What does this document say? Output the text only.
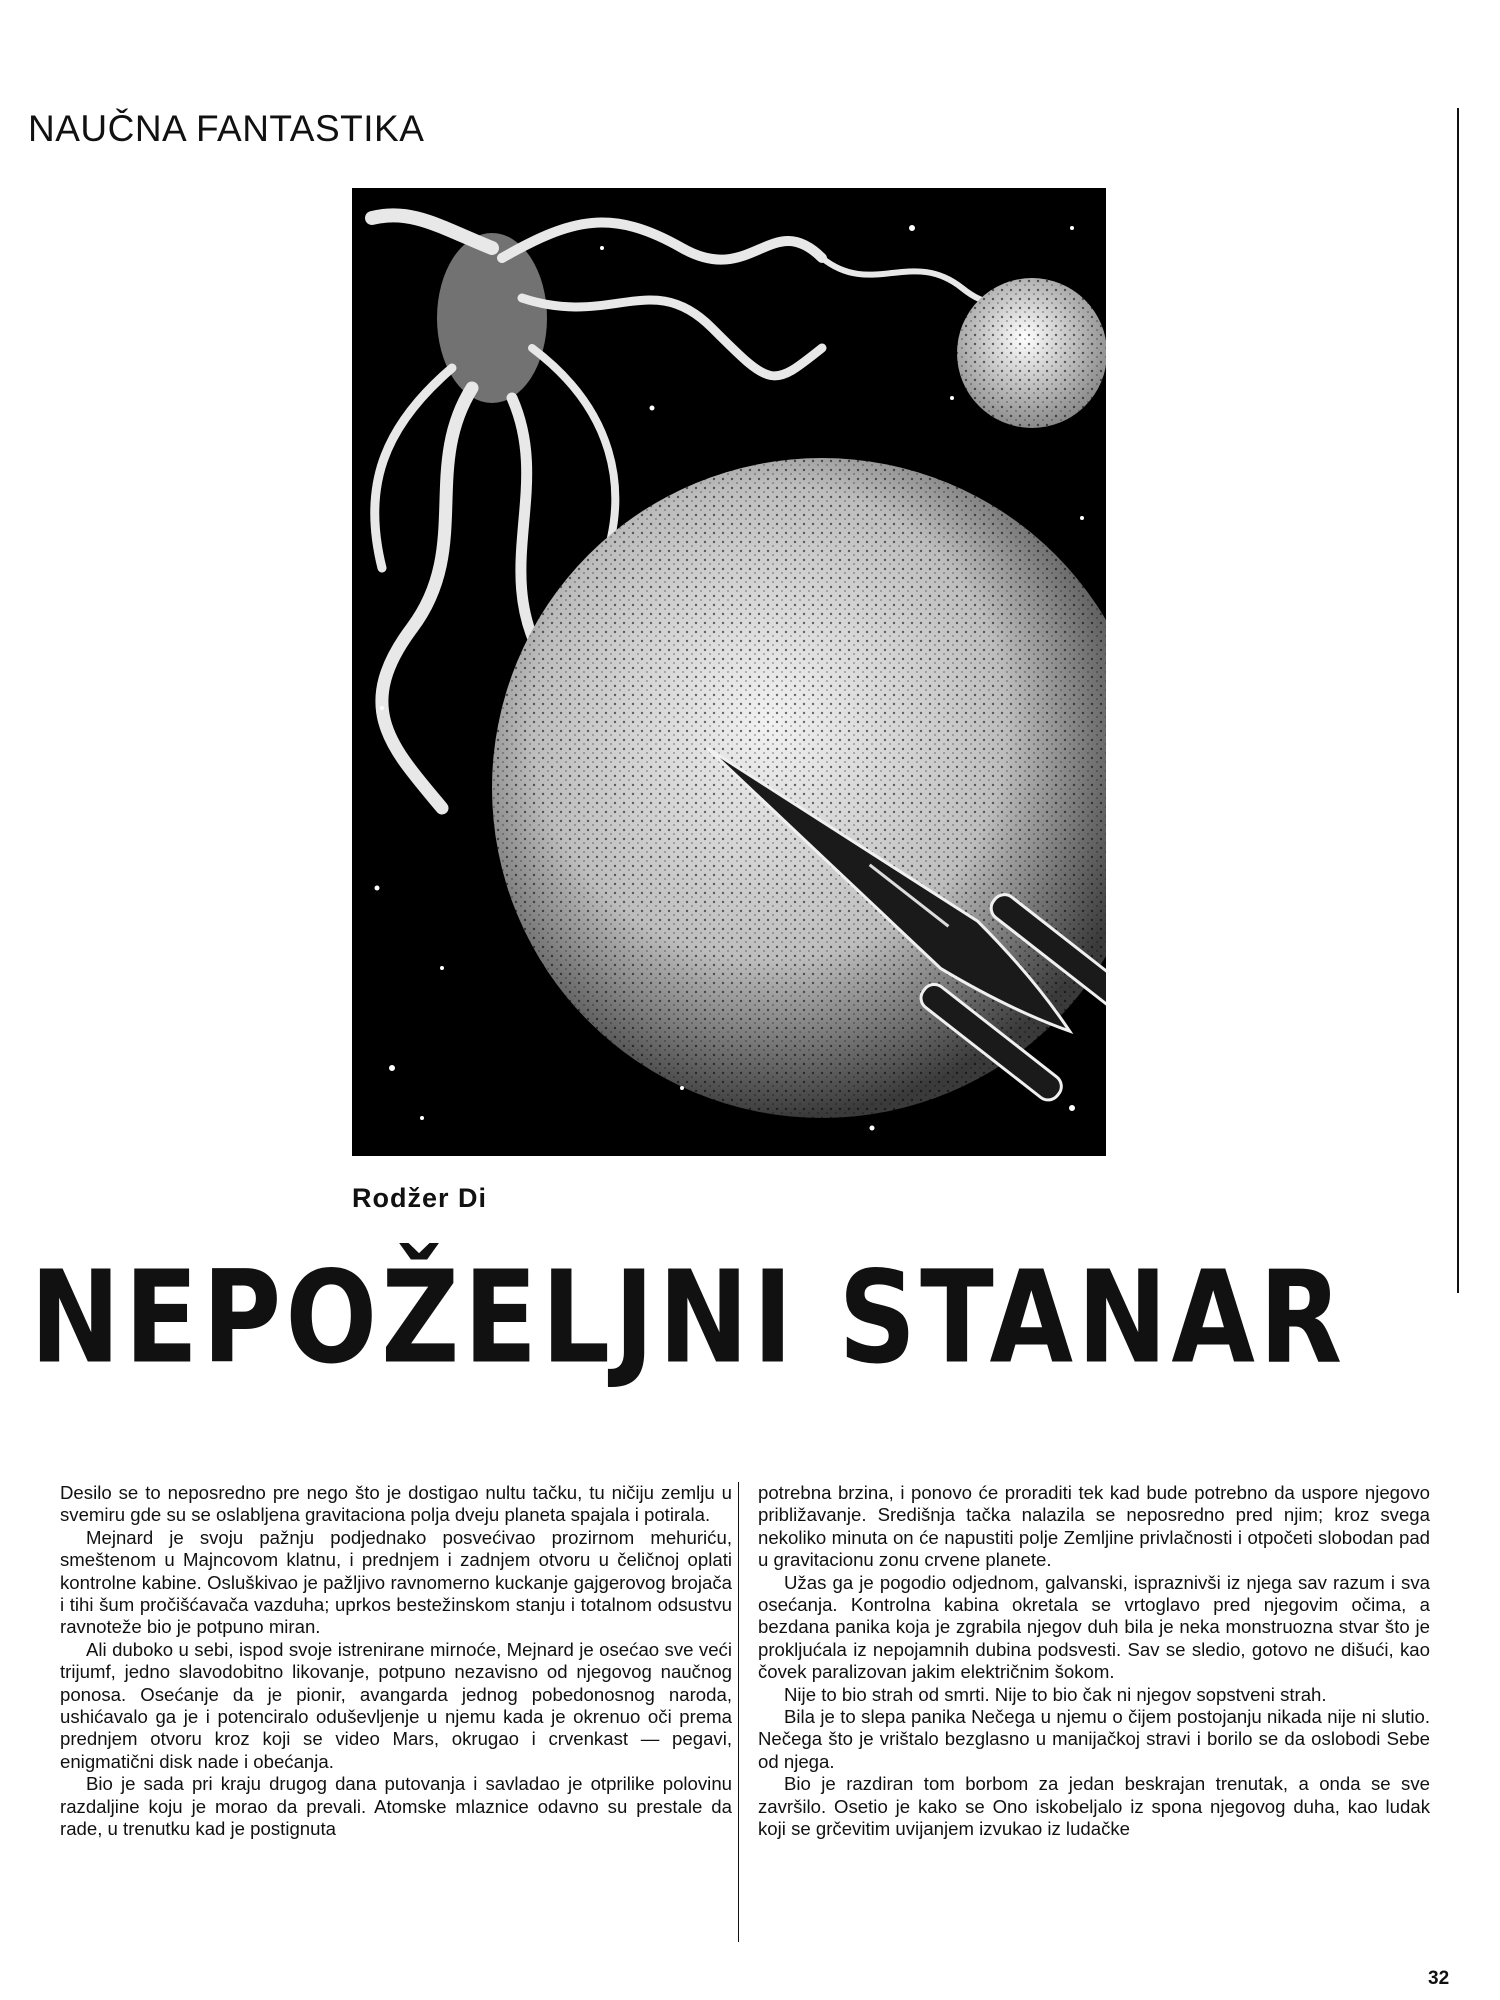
NAUČNA FANTASTIKA
Rodžer Di
NEPOŽELJNI STANAR

Desilo se to neposredno pre nego što je dostigao nultu tačku, tu ničiju zemlju u svemiru gde su se oslabljena gravitaciona polja dveju planeta spajala i potirala.

Mejnard je svoju pažnju podjednako posvećivao prozirnom mehuriću, smeštenom u Majncovom klatnu, i prednjem i zadnjem otvoru u čeličnoj oplati kontrolne kabine. Osluškivao je pažljivo ravnomerno kuckanje gajgerovog brojača i tihi šum pročišćavača vazduha; uprkos bestežinskom stanju i totalnom odsustvu ravnoteže bio je potpuno miran.

Ali duboko u sebi, ispod svoje istrenirane mirnoće, Mejnard je osećao sve veći trijumf, jedno slavodobitno likovanje, potpuno nezavisno od njegovog naučnog ponosa. Osećanje da je pionir, avangarda jednog pobedonosnog naroda, ushićavalo ga je i potenciralo oduševljenje u njemu kada je okrenuo oči prema prednjem otvoru kroz koji se video Mars, okrugao i crvenkast — pegavi, enigmatični disk nade i obećanja.

Bio je sada pri kraju drugog dana putovanja i savladao je otprilike polovinu razdaljine koju je morao da prevali. Atomske mlaznice odavno su prestale da rade, u trenutku kad je postignuta

potrebna brzina, i ponovo će proraditi tek kad bude potrebno da uspore njegovo približavanje. Središnja tačka nalazila se neposredno pred njim; kroz svega nekoliko minuta on će napustiti polje Zemljine privlačnosti i otpočeti slobodan pad u gravitacionu zonu crvene planete.

Užas ga je pogodio odjednom, galvanski, ispraznivši iz njega sav razum i sva osećanja. Kontrolna kabina okretala se vrtoglavo pred njegovim očima, a bezdana panika koja je zgrabila njegov duh bila je neka monstruozna stvar što je prokljućala iz nepojamnih dubina podsvesti. Sav se sledio, gotovo ne dišući, kao čovek paralizovan jakim električnim šokom.

Nije to bio strah od smrti. Nije to bio čak ni njegov sopstveni strah.

Bila je to slepa panika Nečega u njemu o čijem postojanju nikada nije ni slutio. Nečega što je vrištalo bezglasno u manijačkoj stravi i borilo se da oslobodi Sebe od njega.

Bio je razdiran tom borbom za jedan beskrajan trenutak, a onda se sve završilo. Osetio je kako se Ono iskobeljalo iz spona njegovog duha, kao ludak koji se grčevitim uvijanjem izvukao iz ludačke

32
